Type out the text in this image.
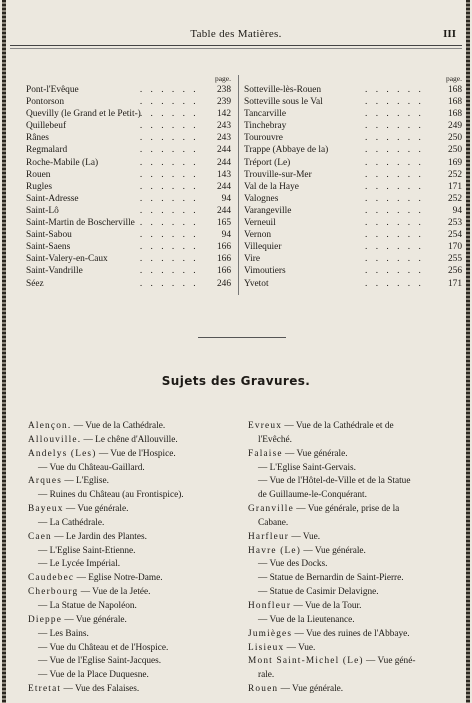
Table des Matières.	III
page.
Pont-l'Evêque	. . . . . . 238
Pontorson	. . . . . . 239
Quevilly (le Grand et le Petit-) . . . . . . 142
Quillebeuf	. . . . . . 243
Rânes	. . . . . . 243
Regmalard	. . . . . . 244
Roche-Mabile (La)	. . . . . . 244
Rouen	. . . . . . 143
Rugles	. . . . . . 244
Saint-Adresse	. . . . . . 94
Saint-Lô	. . . . . . 244
Saint-Martin de Boscherville . . . . . . 165
Saint-Sabou	. . . . . . 94
Saint-Saens	. . . . . . 166
Saint-Valery-en-Caux	. . . . . . 166
Saint-Vandrille	. . . . . . 166
Séez	. . . . . . 246
page.
Sotteville-lès-Rouen	. . . . . .	168
Sotteville sous le Val	. . . . . .	168
Tancarville	. . . . . .	168
Tinchebray	. . . . . .	249
Tourouvre	. . . . . .	250
Trappe (Abbaye de la)	. . . . . .	250
Tréport (Le)	. . . . . .	169
Trouville-sur-Mer	. . . . . .	252
Val de la Haye	. . . . . .	171
Valognes	. . . . . .	252
Varangeville	. . . . . .	94
Verneuil	. . . . . .	253
Vernon	. . . . . .	254
Villequier	. . . . . .	170
Vire	. . . . . .	255
Vimoutiers	. . . . . .	256
Yvetot	. . . . . .	171
Sujets des Gravures.
Alençon. — Vue de la Cathédrale.
Allouville. — Le chêne d'Allouville.
Andelys (Les) — Vue de l'Hospice.
— Vue du Château-Gaillard.
Arques — L'Eglise.
— Ruines du Château (au Frontispice).
Bayeux — Vue générale.
— La Cathédrale.
Caen — Le Jardin des Plantes.
— L'Eglise Saint-Etienne.
— Le Lycée Impérial.
Caudebec — Eglise Notre-Dame.
Cherbourg — Vue de la Jetée.
— La Statue de Napoléon.
Dieppe — Vue générale.
— Les Bains.
— Vue du Château et de l'Hospice.
— Vue de l'Eglise Saint-Jacques.
— Vue de la Place Duquesne.
Etretat — Vue des Falaises.
Evreux — Vue de la Cathédrale et de
l'Evêché.
Falaise — Vue générale.
— L'Eglise Saint-Gervais.
— Vue de l'Hôtel-de-Ville et de la Statue
de Guillaume-le-Conquérant.
Granville — Vue générale, prise de la
Cabane.
Harfleur — Vue.
Havre (Le) — Vue générale.
— Vue des Docks.
— Statue de Bernardin de Saint-Pierre.
— Statue de Casimir Delavigne.
Honfleur — Vue de la Tour.
— Vue de la Lieutenance.
Jumièges — Vue des ruines de l'Abbaye.
Lisieux — Vue.
Mont Saint-Michel (Le) — Vue géné-
rale.
Rouen — Vue générale.
